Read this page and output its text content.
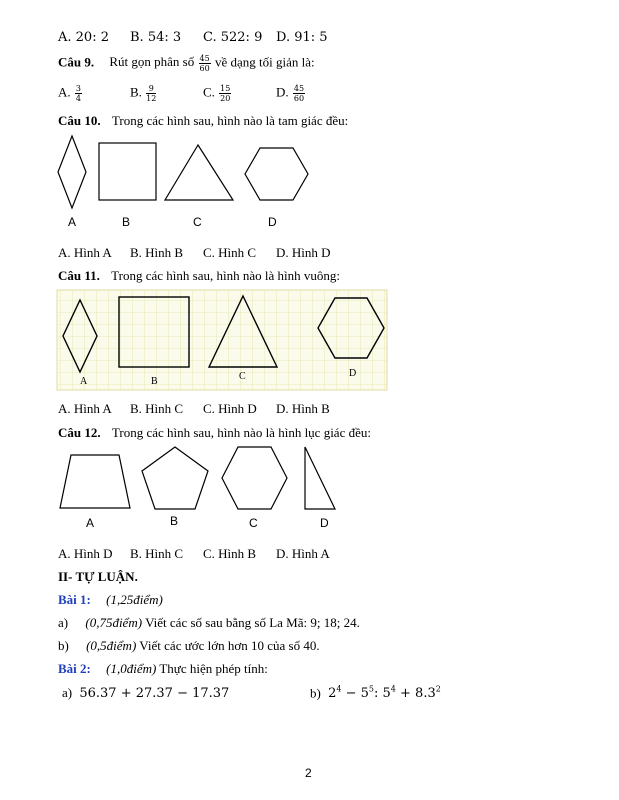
A. 20: 2 B. 54: 3 C. 522: 9 D. 91: 5
Câu 9. Rút gọn phân số $\frac{45}{60}$ về dạng tối giản là:
A. $\frac{3}{4}$	B. $\frac{9}{12}$	C. $\frac{15}{20}$	D. $\frac{45}{60}$
Câu 10. Trong các hình sau, hình nào là tam giác đều:
A	B	C	D
A. Hình A B. Hình B C. Hình C D. Hình D
Câu 11. Trong các hình sau, hình nào là hình vuông:
A	B	C	D
A. Hình A B. Hình C C. Hình D D. Hình B
Câu 12. Trong các hình sau, hình nào là hình lục giác đều:
A	B	C	D
A. Hình D B. Hình C C. Hình B D. Hình A
II- TỰ LUẬN.
Bài 1: (1,25điểm)
a) (0,75điểm) Viết các số sau bằng số La Mã: 9; 18; 24.
b) (0,5điểm) Viết các ước lớn hơn 10 của số 40.
Bài 2: (1,0điểm) Thực hiện phép tính:
a) 56.37 + 27.37 − 17.37	b) $2^4 - 5^5$: $5^4 + 8.3^2$
2
